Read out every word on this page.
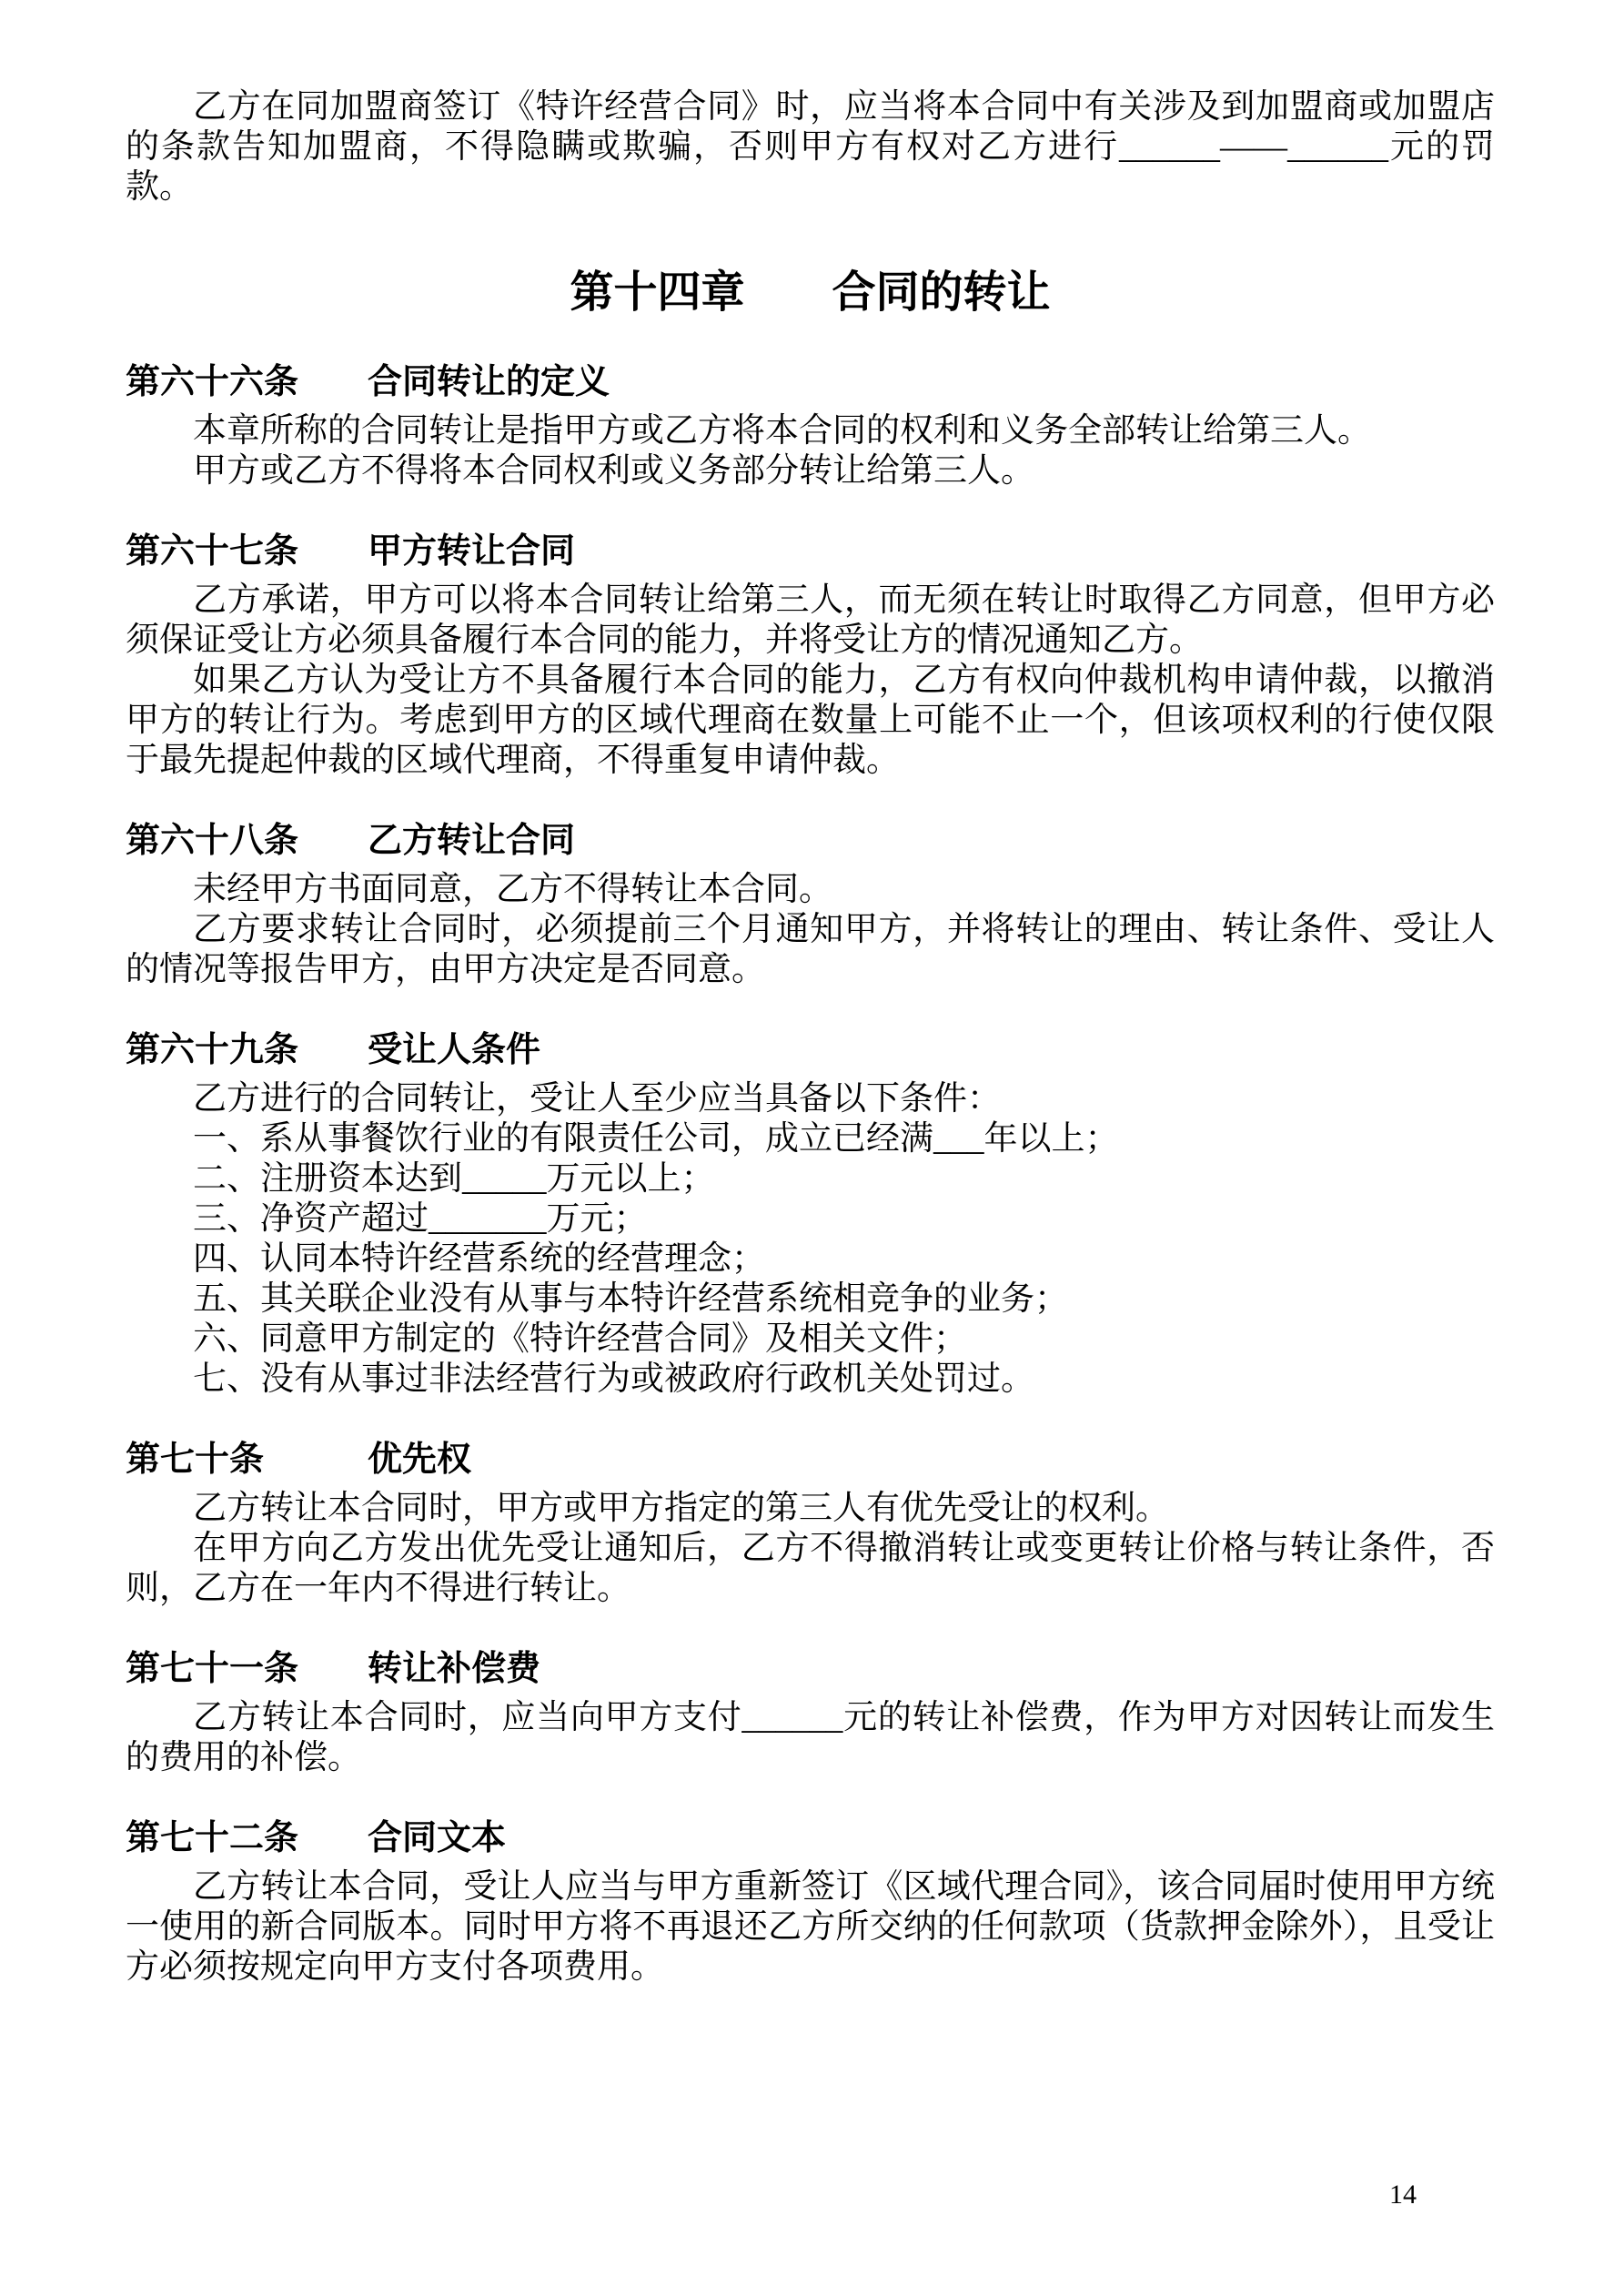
乙方在同加盟商签订《特许经营合同》时，应当将本合同中有关涉及到加盟商或加盟店的条款告知加盟商，不得隐瞒或欺骗，否则甲方有权对乙方进行______——______元的罚款。

第十四章 合同的转让
第六十六条	合同转让的定义

本章所称的合同转让是指甲方或乙方将本合同的权利和义务全部转让给第三人。

甲方或乙方不得将本合同权利或义务部分转让给第三人。

第六十七条	甲方转让合同

乙方承诺，甲方可以将本合同转让给第三人，而无须在转让时取得乙方同意，但甲方必须保证受让方必须具备履行本合同的能力，并将受让方的情况通知乙方。

如果乙方认为受让方不具备履行本合同的能力，乙方有权向仲裁机构申请仲裁，以撤消甲方的转让行为。考虑到甲方的区域代理商在数量上可能不止一个，但该项权利的行使仅限于最先提起仲裁的区域代理商，不得重复申请仲裁。

第六十八条	乙方转让合同

未经甲方书面同意，乙方不得转让本合同。

乙方要求转让合同时，必须提前三个月通知甲方，并将转让的理由、转让条件、受让人的情况等报告甲方，由甲方决定是否同意。

第六十九条	受让人条件

乙方进行的合同转让，受让人至少应当具备以下条件：

一、系从事餐饮行业的有限责任公司，成立已经满___年以上；

二、注册资本达到_____万元以上；

三、净资产超过_______万元；

四、认同本特许经营系统的经营理念；

五、其关联企业没有从事与本特许经营系统相竞争的业务；

六、同意甲方制定的《特许经营合同》及相关文件；

七、没有从事过非法经营行为或被政府行政机关处罚过。

第七十条	优先权

乙方转让本合同时，甲方或甲方指定的第三人有优先受让的权利。

在甲方向乙方发出优先受让通知后，乙方不得撤消转让或变更转让价格与转让条件，否则，乙方在一年内不得进行转让。

第七十一条	转让补偿费

乙方转让本合同时，应当向甲方支付______元的转让补偿费，作为甲方对因转让而发生的费用的补偿。

第七十二条	合同文本

乙方转让本合同，受让人应当与甲方重新签订《区域代理合同》，该合同届时使用甲方统一使用的新合同版本。同时甲方将不再退还乙方所交纳的任何款项（货款押金除外），且受让方必须按规定向甲方支付各项费用。

14
